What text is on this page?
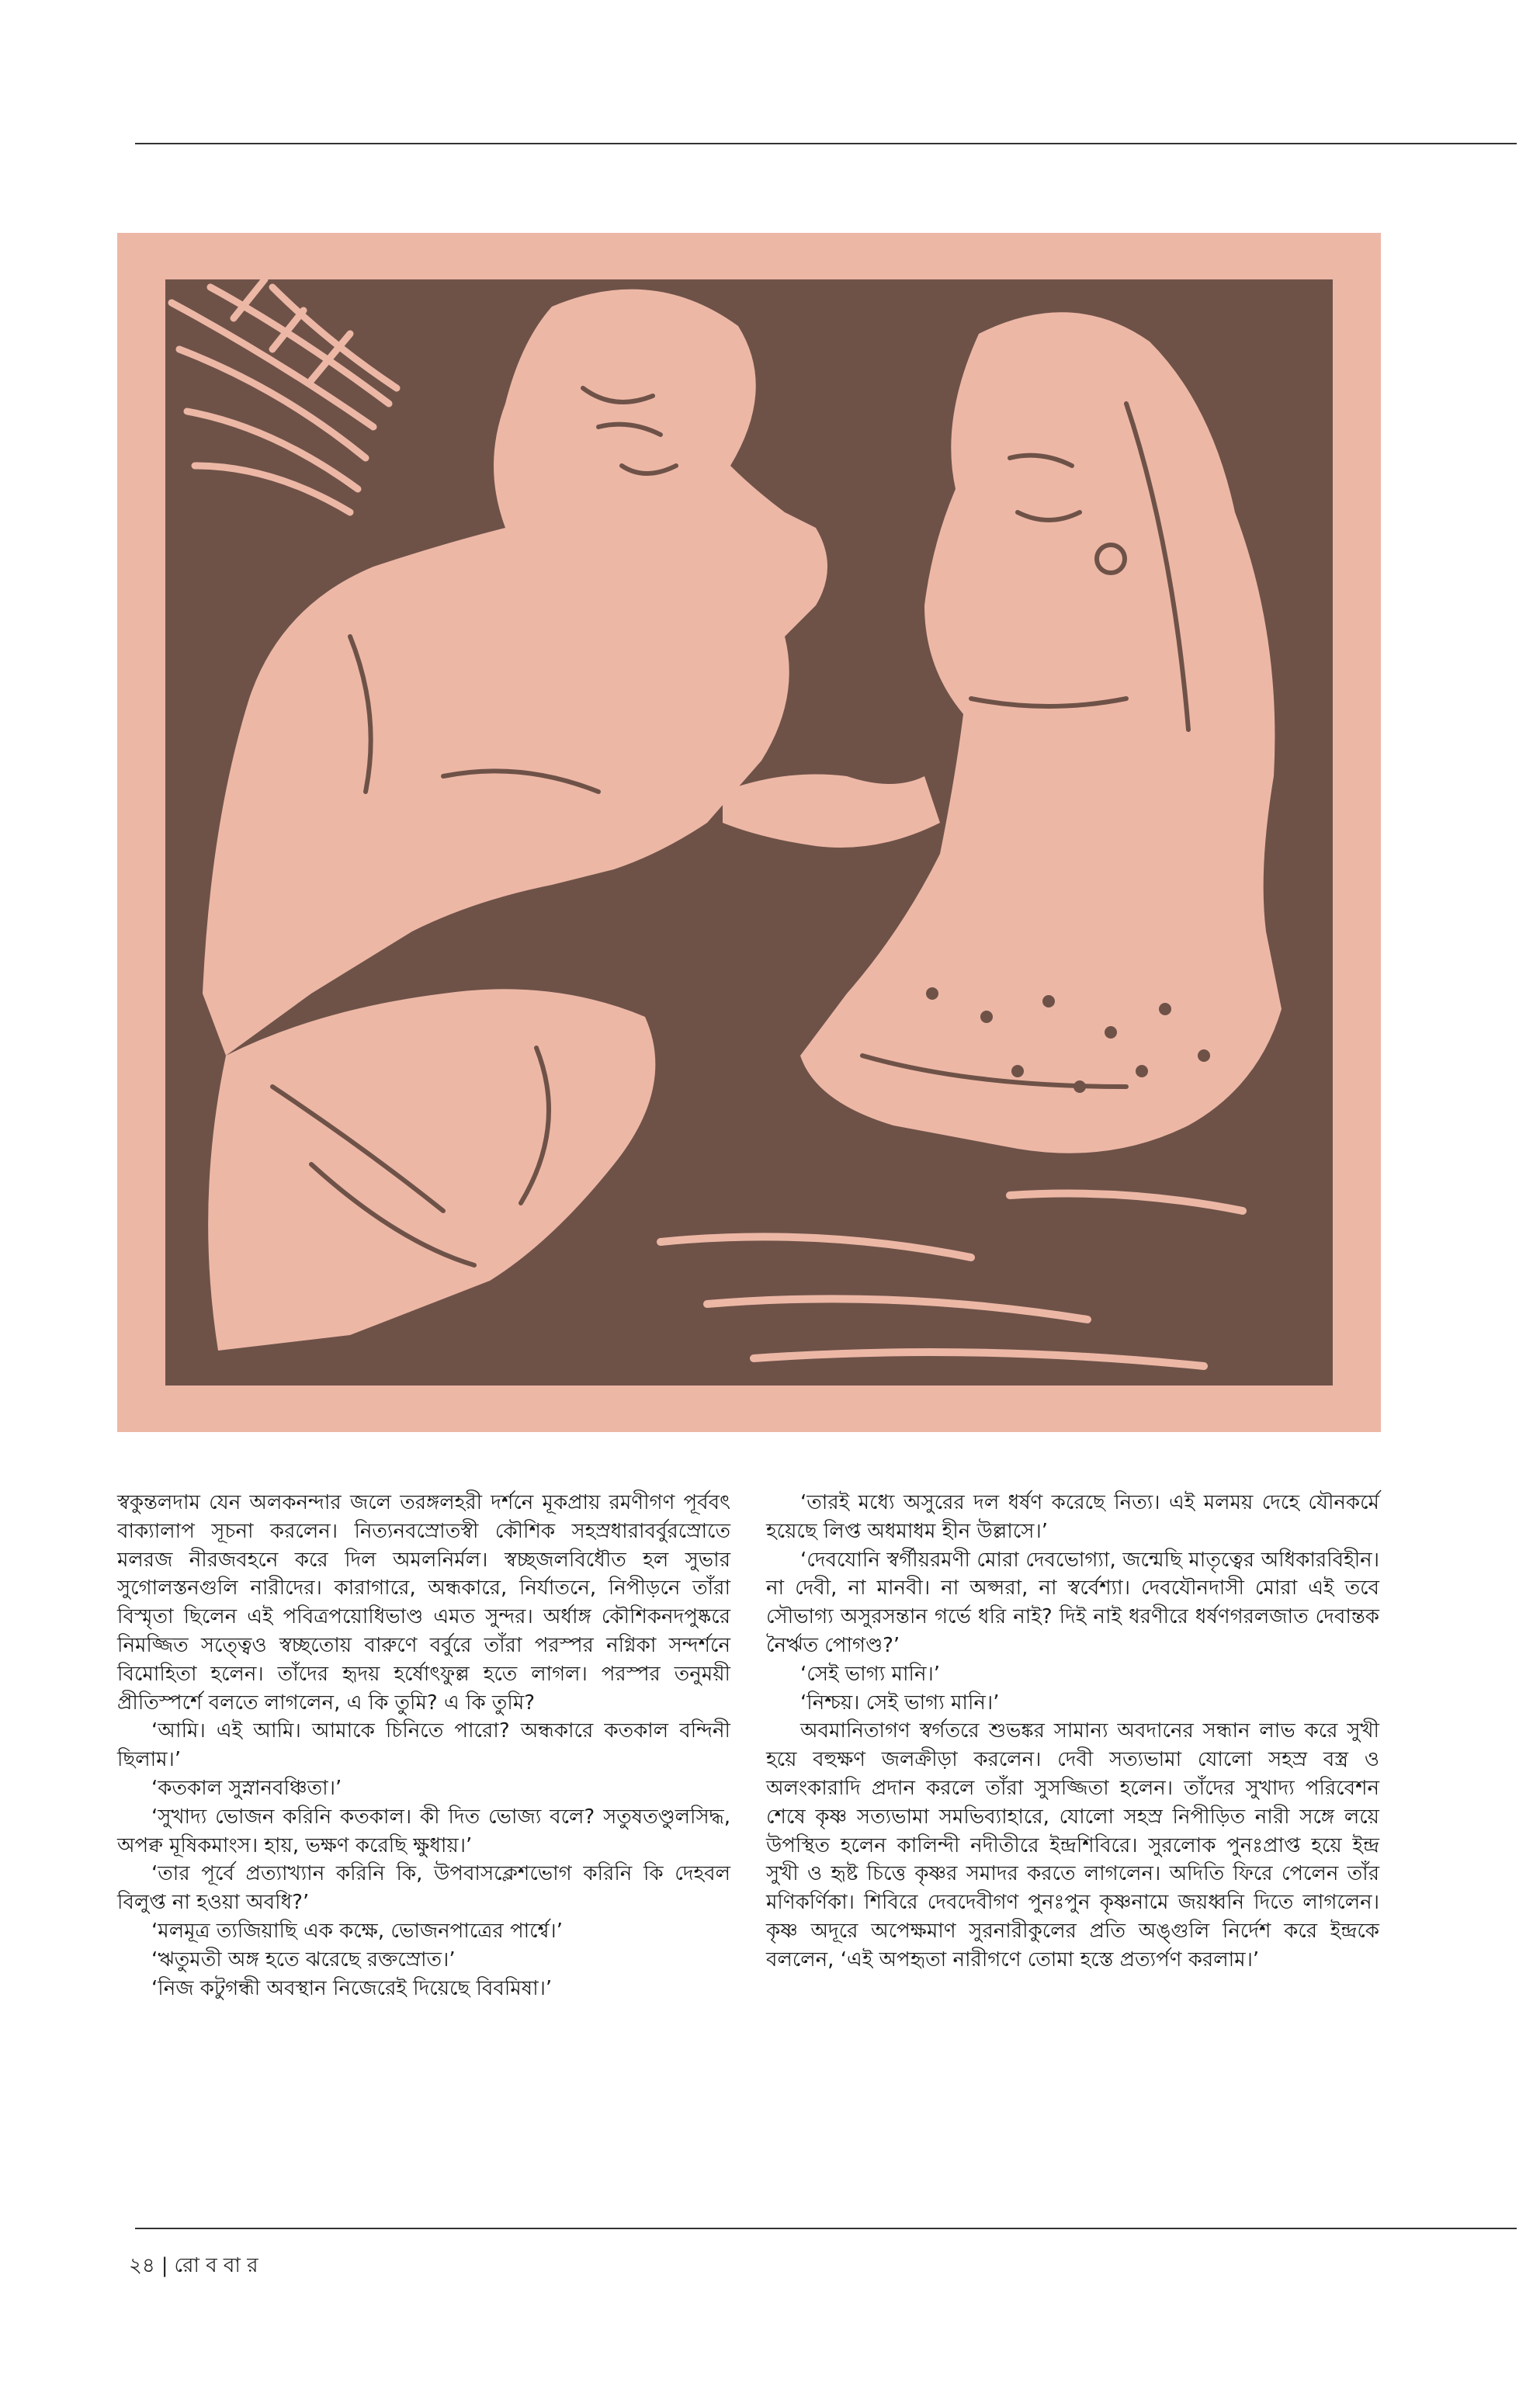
স্বকুন্তলদাম যেন অলকনন্দার জলে তরঙ্গলহরী দর্শনে মূকপ্রায় রমণীগণ পূর্ববৎ বাক্যালাপ সূচনা করলেন। নিত্যনবস্রোতস্বী কৌশিক সহস্রধারাবর্বুরস্রোতে মলরজ নীরজবহনে করে দিল অমলনির্মল। স্বচ্ছজলবিধৌত হল সুভার সুগোলস্তনগুলি নারীদের। কারাগারে, অন্ধকারে, নির্যাতনে, নিপীড়নে তাঁরা বিস্মৃতা ছিলেন এই পবিত্রপয়োধিভাণ্ড এমত সুন্দর। অর্ধাঙ্গ কৌশিকনদপুষ্করে নিমজ্জিত সত্ত্বেও স্বচ্ছতোয় বারুণে বর্বুরে তাঁরা পরস্পর নগ্নিকা সন্দর্শনে বিমোহিতা হলেন। তাঁদের হৃদয় হর্ষোৎফুল্ল হতে লাগল। পরস্পর তনুময়ী প্রীতিস্পর্শে বলতে লাগলেন, এ কি তুমি? এ কি তুমি?

‘আমি। এই আমি। আমাকে চিনিতে পারো? অন্ধকারে কতকাল বন্দিনী ছিলাম।’

‘কতকাল সুস্নানবঞ্চিতা।’

‘সুখাদ্য ভোজন করিনি কতকাল। কী দিত ভোজ্য বলে? সতুষতণ্ডুলসিদ্ধ, অপক্ব মূষিকমাংস। হায়, ভক্ষণ করেছি ক্ষুধায়।’

‘তার পূর্বে প্রত্যাখ্যান করিনি কি, উপবাসক্লেশভোগ করিনি কি দেহবল বিলুপ্ত না হওয়া অবধি?’

‘মলমূত্র ত্যজিয়াছি এক কক্ষে, ভোজনপাত্রের পার্শ্বে।’

‘ঋতুমতী অঙ্গ হতে ঝরেছে রক্তস্রোত।’

‘নিজ কটুগন্ধী অবস্থান নিজেরেই দিয়েছে বিবমিষা।’

‘তারই মধ্যে অসুরের দল ধর্ষণ করেছে নিত্য। এই মলময় দেহে যৌনকর্মে হয়েছে লিপ্ত অধমাধম হীন উল্লাসে।’

‘দেবযোনি স্বর্গীয়রমণী মোরা দেবভোগ্যা, জন্মেছি মাতৃত্বের অধিকারবিহীন। না দেবী, না মানবী। না অপ্সরা, না স্বর্বেশ্যা। দেবযৌনদাসী মোরা এই তবে সৌভাগ্য অসুরসন্তান গর্ভে ধরি নাই? দিই নাই ধরণীরে ধর্ষণগরলজাত দেবান্তক নৈর্ঋত পোগণ্ড?’

‘সেই ভাগ্য মানি।’

‘নিশ্চয়। সেই ভাগ্য মানি।’

অবমানিতাগণ স্বর্গতরে শুভঙ্কর সামান্য অবদানের সন্ধান লাভ করে সুখী হয়ে বহুক্ষণ জলক্রীড়া করলেন। দেবী সত্যভামা যোলো সহস্র বস্ত্র ও অলংকারাদি প্রদান করলে তাঁরা সুসজ্জিতা হলেন। তাঁদের সুখাদ্য পরিবেশন শেষে কৃষ্ণ সত্যভামা সমভিব্যাহারে, যোলো সহস্র নিপীড়িত নারী সঙ্গে লয়ে উপস্থিত হলেন কালিন্দী নদীতীরে ইন্দ্রশিবিরে। সুরলোক পুনঃপ্রাপ্ত হয়ে ইন্দ্র সুখী ও হৃষ্ট চিত্তে কৃষ্ণর সমাদর করতে লাগলেন। অদিতি ফিরে পেলেন তাঁর মণিকর্ণিকা। শিবিরে দেবদেবীগণ পুনঃপুন কৃষ্ণনামে জয়ধ্বনি দিতে লাগলেন। কৃষ্ণ অদূরে অপেক্ষমাণ সুরনারীকুলের প্রতি অঙ্গুলি নির্দেশ করে ইন্দ্রকে বললেন, ‘এই অপহৃতা নারীগণে তোমা হস্তে প্রত্যর্পণ করলাম।’

২৪ | রো ব বা র
